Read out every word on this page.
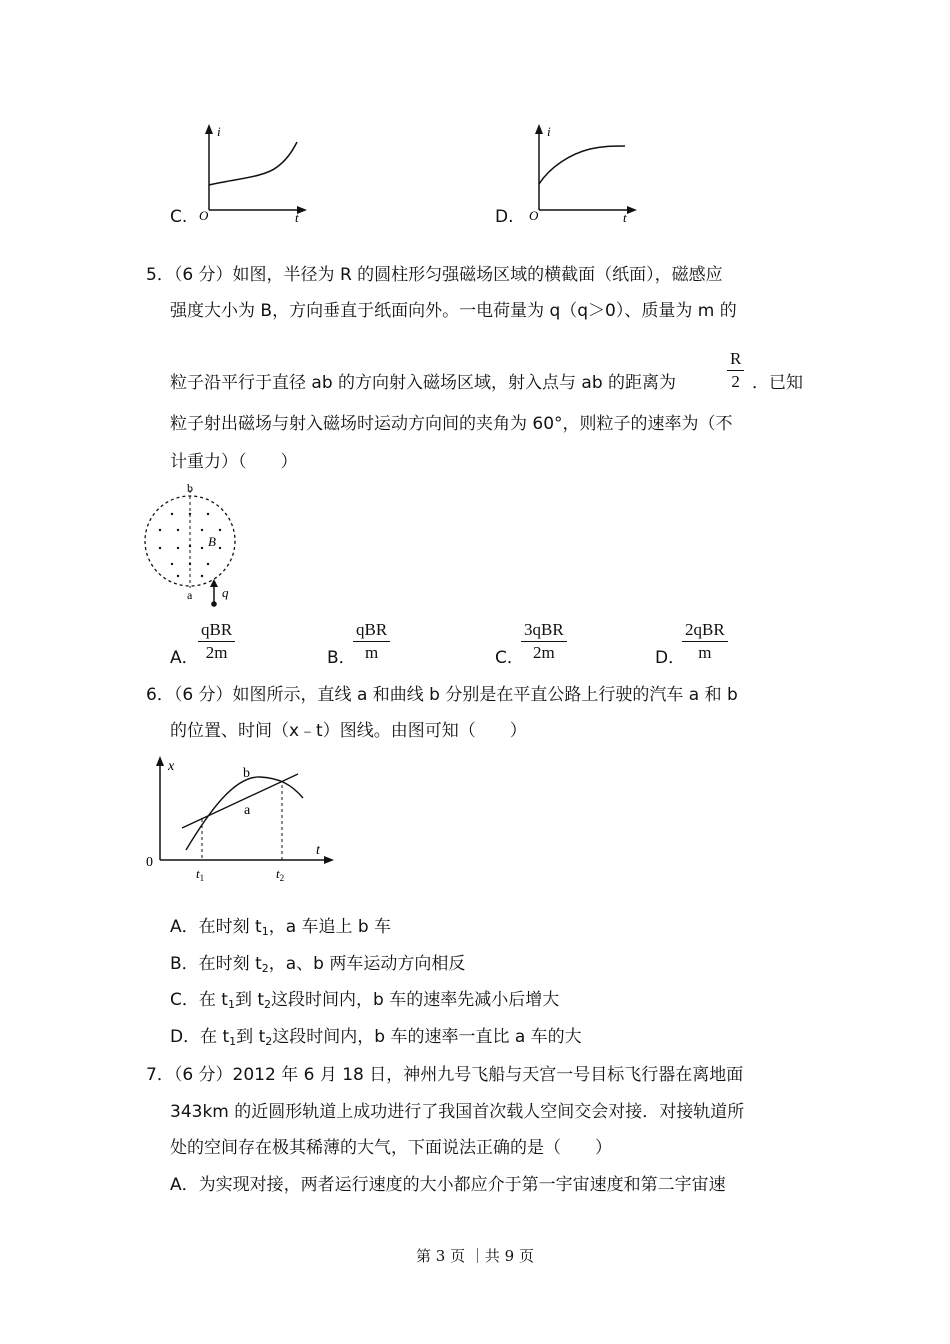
C.
i
t
O	D.
i
t
O
5．（6 分）如图，半径为 R 的圆柱形匀强磁场区域的横截面（纸面），磁感应
强度大小为 B，方向垂直于纸面向外。一电荷量为 q（q＞0）、质量为 m 的
粒子沿平行于直径 ab 的方向射入磁场区域，射入点与 ab 的距离为
R
2 ．已知
粒子射出磁场与射入磁场时运动方向间的夹角为 60°，则粒子的速率为（不
计重力）（　　）
b
B
a q
A．
qBR
2m	B．
qBR
m	C．
3qBR
2m	D．
2qBR
m
6．（6 分）如图所示，直线 a 和曲线 b 分别是在平直公路上行驶的汽车 a 和 b
的位置、时间（x﹣t）图线。由图可知（　　）
x
t
0
b
a
$t_1$	$t_2$
A．在时刻 $t_1$，a 车追上 b 车
B．在时刻 $t_2$，a、b 两车运动方向相反
C．在 $t_1$到 $t_2$这段时间内，b 车的速率先减小后增大
D．在 $t_1$到 $t_2$这段时间内，b 车的速率一直比 a 车的大
7．（6 分）2012 年 6 月 18 日，神州九号飞船与天宫一号目标飞行器在离地面
343km 的近圆形轨道上成功进行了我国首次载人空间交会对接．对接轨道所
处的空间存在极其稀薄的大气，下面说法正确的是（　　）
A．为实现对接，两者运行速度的大小都应介于第一宇宙速度和第二宇宙速
第 3 页 ｜共 9 页
